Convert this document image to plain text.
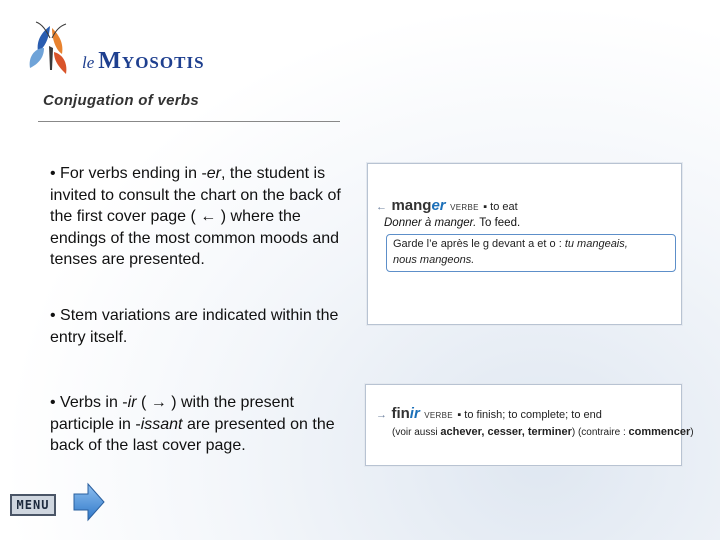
le Myosotis
Conjugation of verbs
• For verbs ending in -er, the student is invited to consult the chart on the back of the first cover page ( ← ) where the endings of the most common moods and tenses are presented.
• Stem variations are indicated within the entry itself.
• Verbs in -ir ( → ) with the present participle in -issant are presented on the back of the last cover page.
← manger VERBE ▪ to eat
Donner à manger. To feed.
Garde l’e après le g devant a et o : tu mangeais,
nous mangeons.
→ finir VERBE ▪ to finish; to complete; to end
(voir aussi achever, cesser, terminer) (contraire : commencer)
MENU
